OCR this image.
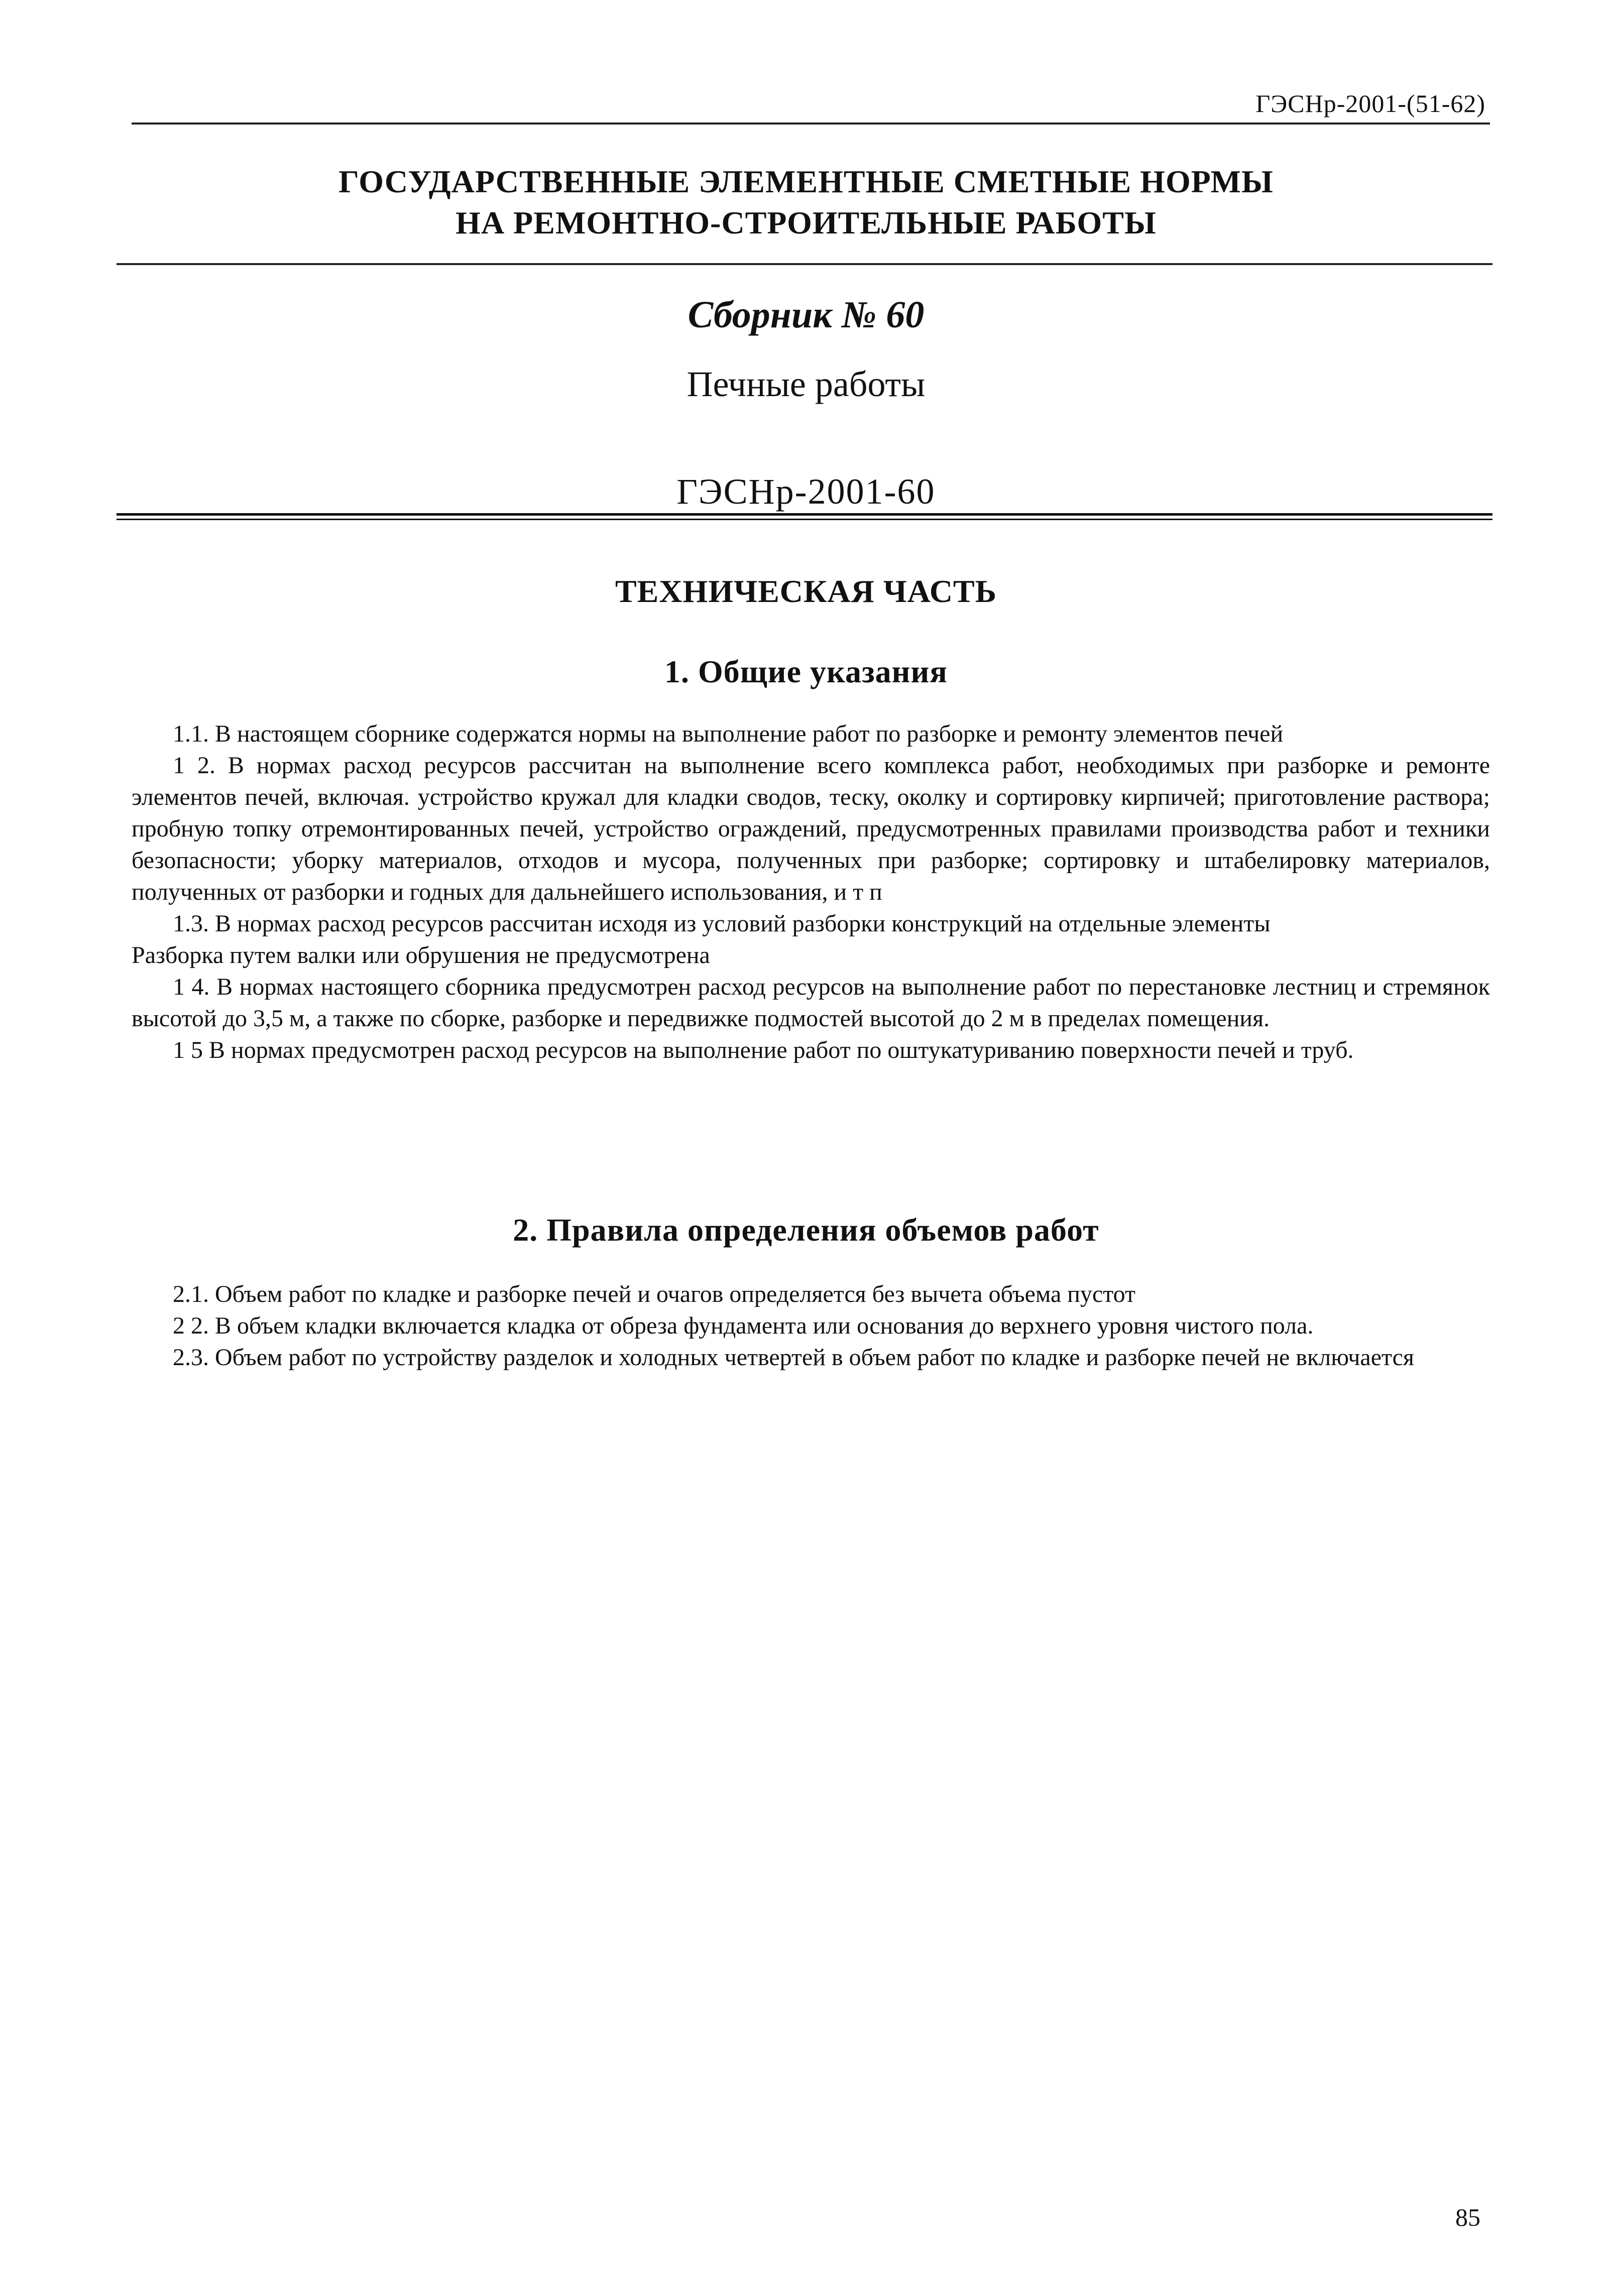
ГЭСНр-2001-(51-62)
ГОСУДАРСТВЕННЫЕ ЭЛЕМЕНТНЫЕ СМЕТНЫЕ НОРМЫ
НА РЕМОНТНО-СТРОИТЕЛЬНЫЕ РАБОТЫ
Сборник № 60
Печные работы
ГЭСНр-2001-60
ТЕХНИЧЕСКАЯ ЧАСТЬ
1. Общие указания

1.1. В настоящем сборнике содержатся нормы на выполнение работ по разборке и ремонту элементов печей

1 2. В нормах расход ресурсов рассчитан на выполнение всего комплекса работ, необходимых при разборке и ремонте элементов печей, включая. устройство кружал для кладки сводов, теску, околку и сортировку кирпичей; приготовление раствора; пробную топку отремонтированных печей, устройство ограждений, предусмотренных правилами производства работ и техники безопасности; уборку материалов, отходов и мусора, полученных при разборке; сортировку и штабелировку материалов, полученных от разборки и годных для дальнейшего использования, и т п

1.3. В нормах расход ресурсов рассчитан исходя из условий разборки конструкций на отдельные элементы

Разборка путем валки или обрушения не предусмотрена

1 4. В нормах настоящего сборника предусмотрен расход ресурсов на выполнение работ по перестановке лестниц и стремянок высотой до 3,5 м, а также по сборке, разборке и передвижке подмостей высотой до 2 м в пределах помещения.

1 5 В нормах предусмотрен расход ресурсов на выполнение работ по оштукатуриванию поверхности печей и труб.

2. Правила определения объемов работ

2.1. Объем работ по кладке и разборке печей и очагов определяется без вычета объема пустот

2 2. В объем кладки включается кладка от обреза фундамента или основания до верхнего уровня чистого пола.

2.3. Объем работ по устройству разделок и холодных четвертей в объем работ по кладке и разборке печей не включается

85
